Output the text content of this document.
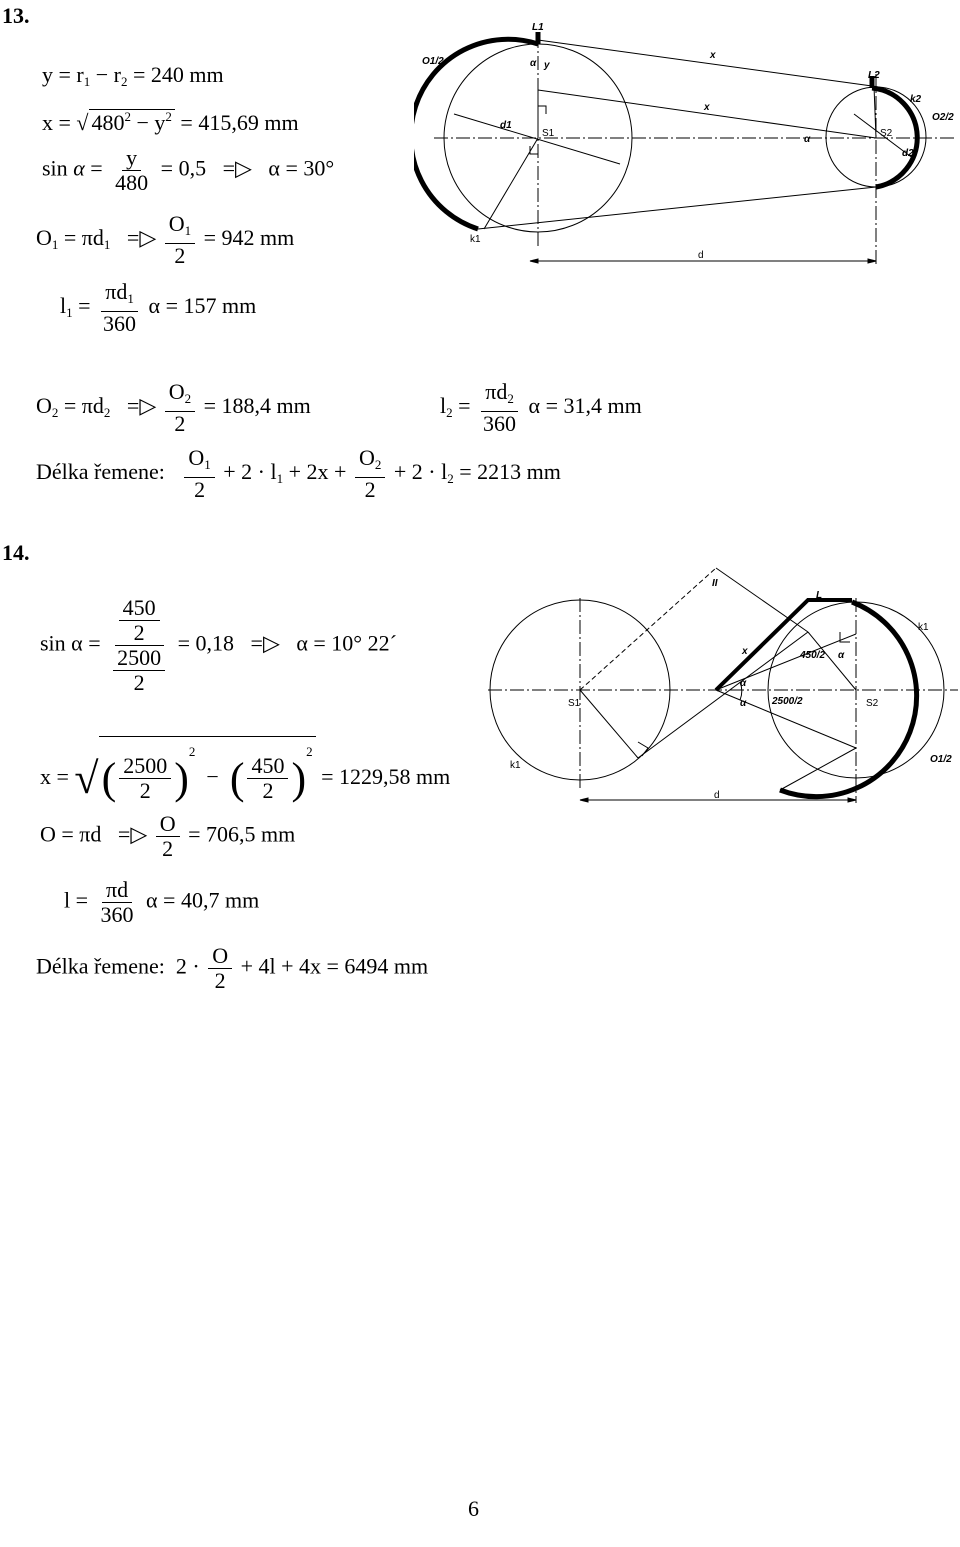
13.
$y = r_1 - r_2 = 240$ mm
x = √ $480^2 - y^2 = 415,69$ mm
$\sin \alpha = \frac{y}{480} = 0,5$ =▷ α = 30°
$O_1 = \pi d_1$ =▷ $\frac{O_1}{2} = 942$ mm
$l_1 = \frac{\pi d_1}{360}$ α = 157 mm
$O_2 = \pi d_2$ =▷ $\frac{O_2}{2} = 188,4$ mm	$l_2 = \frac{\pi d_2}{360}$ α = 31,4 mm
Délka řemene: $\frac{O_1}{2} + 2 \cdot l_1 + 2x + \frac{O_2}{2} + 2 \cdot l_2 = 2213$ mm
L1
O1/2
x
L2
k2
O2/2
α y
x
d1
α
d2
S1	S2
k1
d
14.
$\sin \alpha = \frac{\frac{450}{2}}{\frac{2500}{2}} = 0,18$ =▷ α = 10° 22´
x = √( $\frac{2500}{2} )^2$  −  ( $\frac{450}{2} )^2 = 1229,58$ mm
O = πd =▷ $\frac{O}{2} = 706,5$ mm
$l = \frac{\pi d}{360}$ α = 40,7 mm
Délka řemene: $2 \cdot \frac{O}{2} + 4l + 4x = 6494$ mm
II
L
x	450/2 α
α
α	2500/2
O1/2
k1
S1	S2
k1
d
6
